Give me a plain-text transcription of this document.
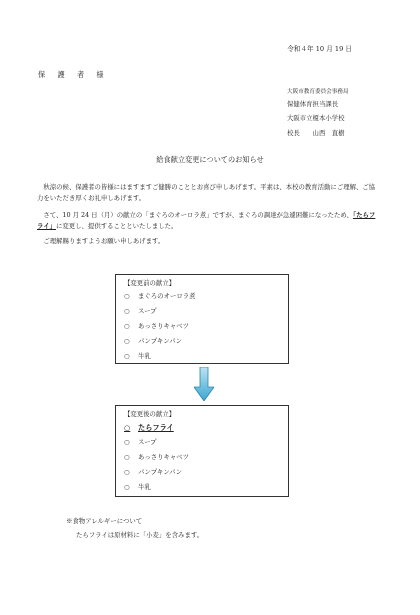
令和４年 10 月 19 日
保 護 者 様
大阪市教育委員会事務局
保健体育担当課長
大阪市立榎本小学校
校長　　山西　直樹
給食献立変更についてのお知らせ
　秋涼の候、保護者の皆様にはますますご健勝のこととお喜び申しあげます。平素は、本校の教育活動にご理解、ご協力をいただき厚くお礼申しあげます。
　さて、10 月 24 日（月）の献立の「まぐろのオーロラ煮」ですが、まぐろの調達が急遽困難になったため、「たらフライ」に変更し、提供することといたしました。
　ご理解賜りますようお願い申しあげます。
【変更前の献立】
○	まぐろのオーロラ煮
○	スープ
○	あっさりキャベツ
○	パンプキンパン
○	牛乳
【変更後の献立】
○	たらフライ
○	スープ
○	あっさりキャベツ
○	パンプキンパン
○	牛乳
※食物アレルギーについて
たらフライは原材料に「小麦」を含みます。
